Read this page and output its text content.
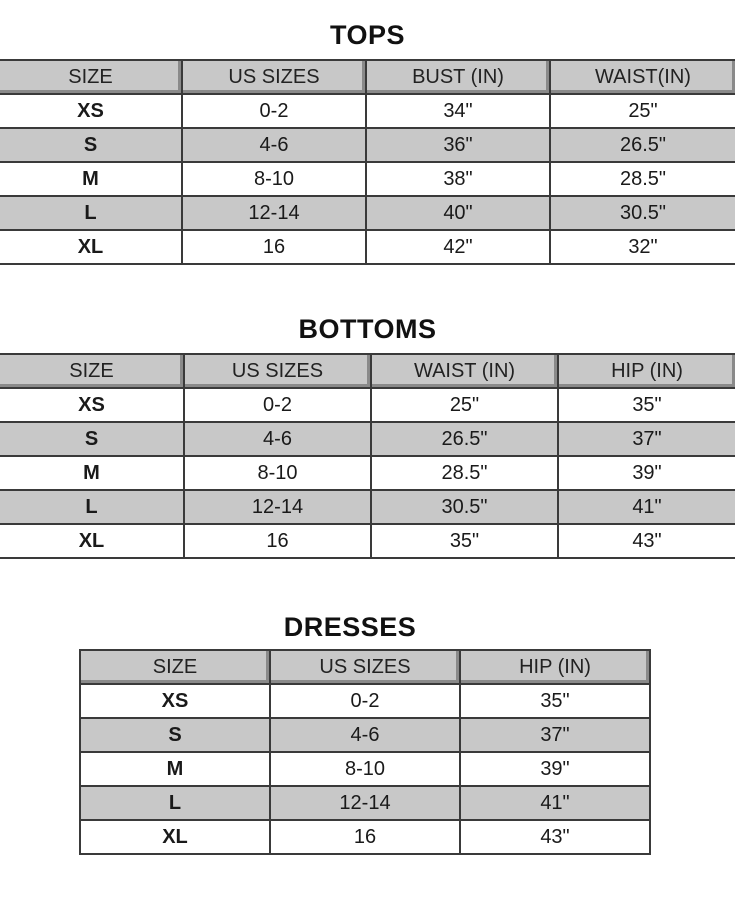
TOPS
SIZE	US SIZES	BUST (IN)	WAIST(IN)
XS	0-2	34"	25"
S	4-6	36"	26.5"
M	8-10	38"	28.5"
L	12-14	40"	30.5"
XL	16	42"	32"
BOTTOMS
SIZE	US SIZES	WAIST (IN)	HIP (IN)
XS	0-2	25"	35"
S	4-6	26.5"	37"
M	8-10	28.5"	39"
L	12-14	30.5"	41"
XL	16	35"	43"
DRESSES
SIZE	US SIZES	HIP (IN)
XS	0-2	35"
S	4-6	37"
M	8-10	39"
L	12-14	41"
XL	16	43"
